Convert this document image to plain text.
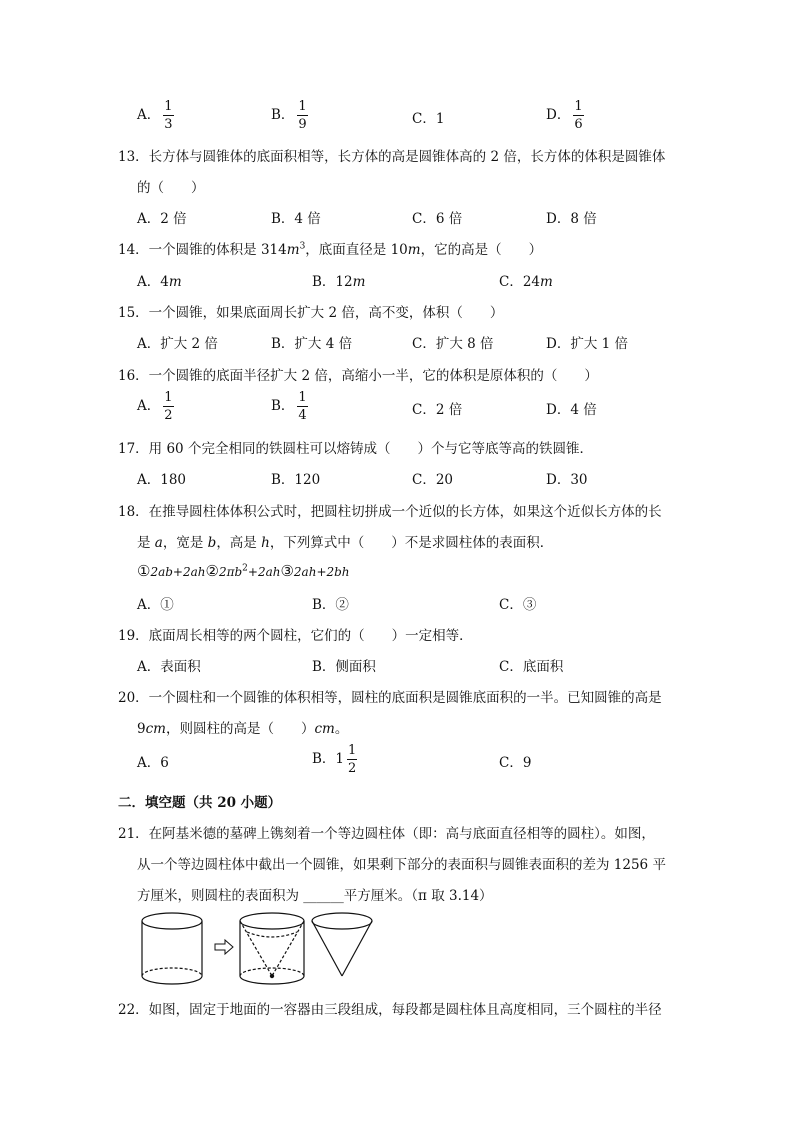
A． $\frac{1}{3}$	B． $\frac{1}{9}$	C．1	D． $\frac{1}{6}$
13．长方体与圆锥体的底面积相等，长方体的高是圆锥体高的 2 倍，长方体的体积是圆锥体
的（　　）
A．2 倍	B．4 倍	C．6 倍	D．8 倍
14．一个圆锥的体积是 $314m^3$，底面直径是 10m，它的高是（　　）
A．4m	B．12m	C．24m
15．一个圆锥，如果底面周长扩大 2 倍，高不变，体积（　　）
A．扩大 2 倍	B．扩大 4 倍	C．扩大 8 倍	D．扩大 1 倍
16．一个圆锥的底面半径扩大 2 倍，高缩小一半，它的体积是原体积的（　　）
A． $\frac{1}{2}$	B． $\frac{1}{4}$	C．2 倍	D．4 倍
17．用 60 个完全相同的铁圆柱可以熔铸成（　　）个与它等底等高的铁圆锥．
A．180	B．120	C．20	D．30
18．在推导圆柱体体积公式时，把圆柱切拼成一个近似的长方体，如果这个近似长方体的长
是 a，宽是 b，高是 h，下列算式中（　　）不是求圆柱体的表面积．
$①2ab+2ah②2\pi b^2+2ah③2ah+2bh$
A．①	B．②	C．③
19．底面周长相等的两个圆柱，它们的（　　）一定相等．
A．表面积	B．侧面积	C．底面积
20．一个圆柱和一个圆锥的体积相等，圆柱的底面积是圆锥底面积的一半。已知圆锥的高是
9cm，则圆柱的高是（　　）cm。
A．6	B．$1 \frac{1}{2}$	C．9
二．填空题（共 20 小题）
21．在阿基米德的墓碑上镌刻着一个等边圆柱体（即：高与底面直径相等的圆柱）。如图，
从一个等边圆柱体中截出一个圆锥，如果剩下部分的表面积与圆锥表面积的差为 1256 平
方厘米，则圆柱的表面积为 ______平方厘米。（π 取 3.14）
22．如图，固定于地面的一容器由三段组成，每段都是圆柱体且高度相同，三个圆柱的半径
